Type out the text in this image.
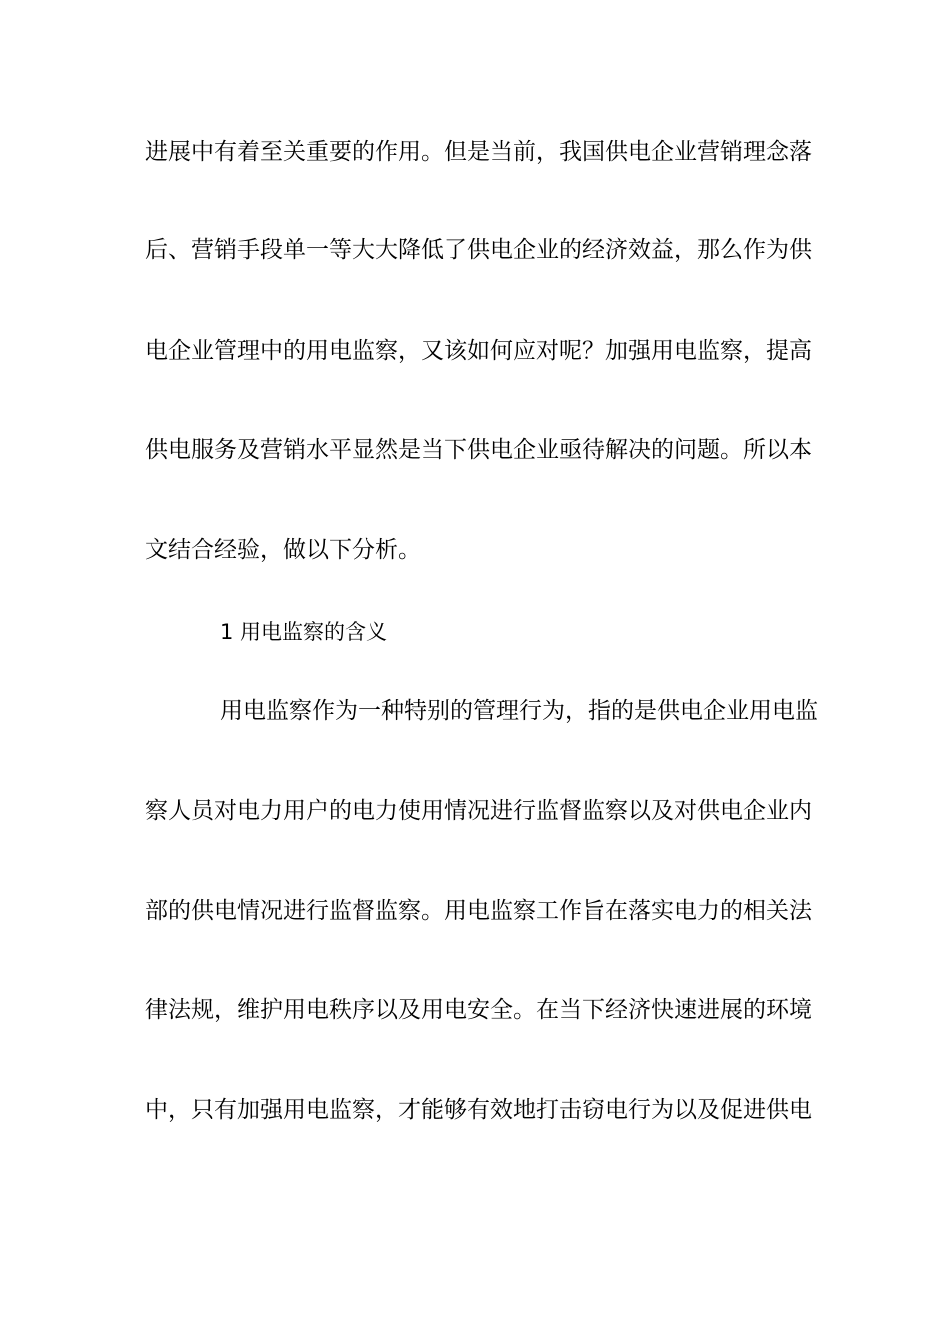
进展中有着至关重要的作用。但是当前，我国供电企业营销理念落
后、营销手段单一等大大降低了供电企业的经济效益，那么作为供
电企业管理中的用电监察，又该如何应对呢？加强用电监察，提高
供电服务及营销水平显然是当下供电企业亟待解决的问题。所以本
文结合经验，做以下分析。
1 用电监察的含义
用电监察作为一种特别的管理行为，指的是供电企业用电监
察人员对电力用户的电力使用情况进行监督监察以及对供电企业内
部的供电情况进行监督监察。用电监察工作旨在落实电力的相关法
律法规，维护用电秩序以及用电安全。在当下经济快速进展的环境
中，只有加强用电监察，才能够有效地打击窃电行为以及促进供电
